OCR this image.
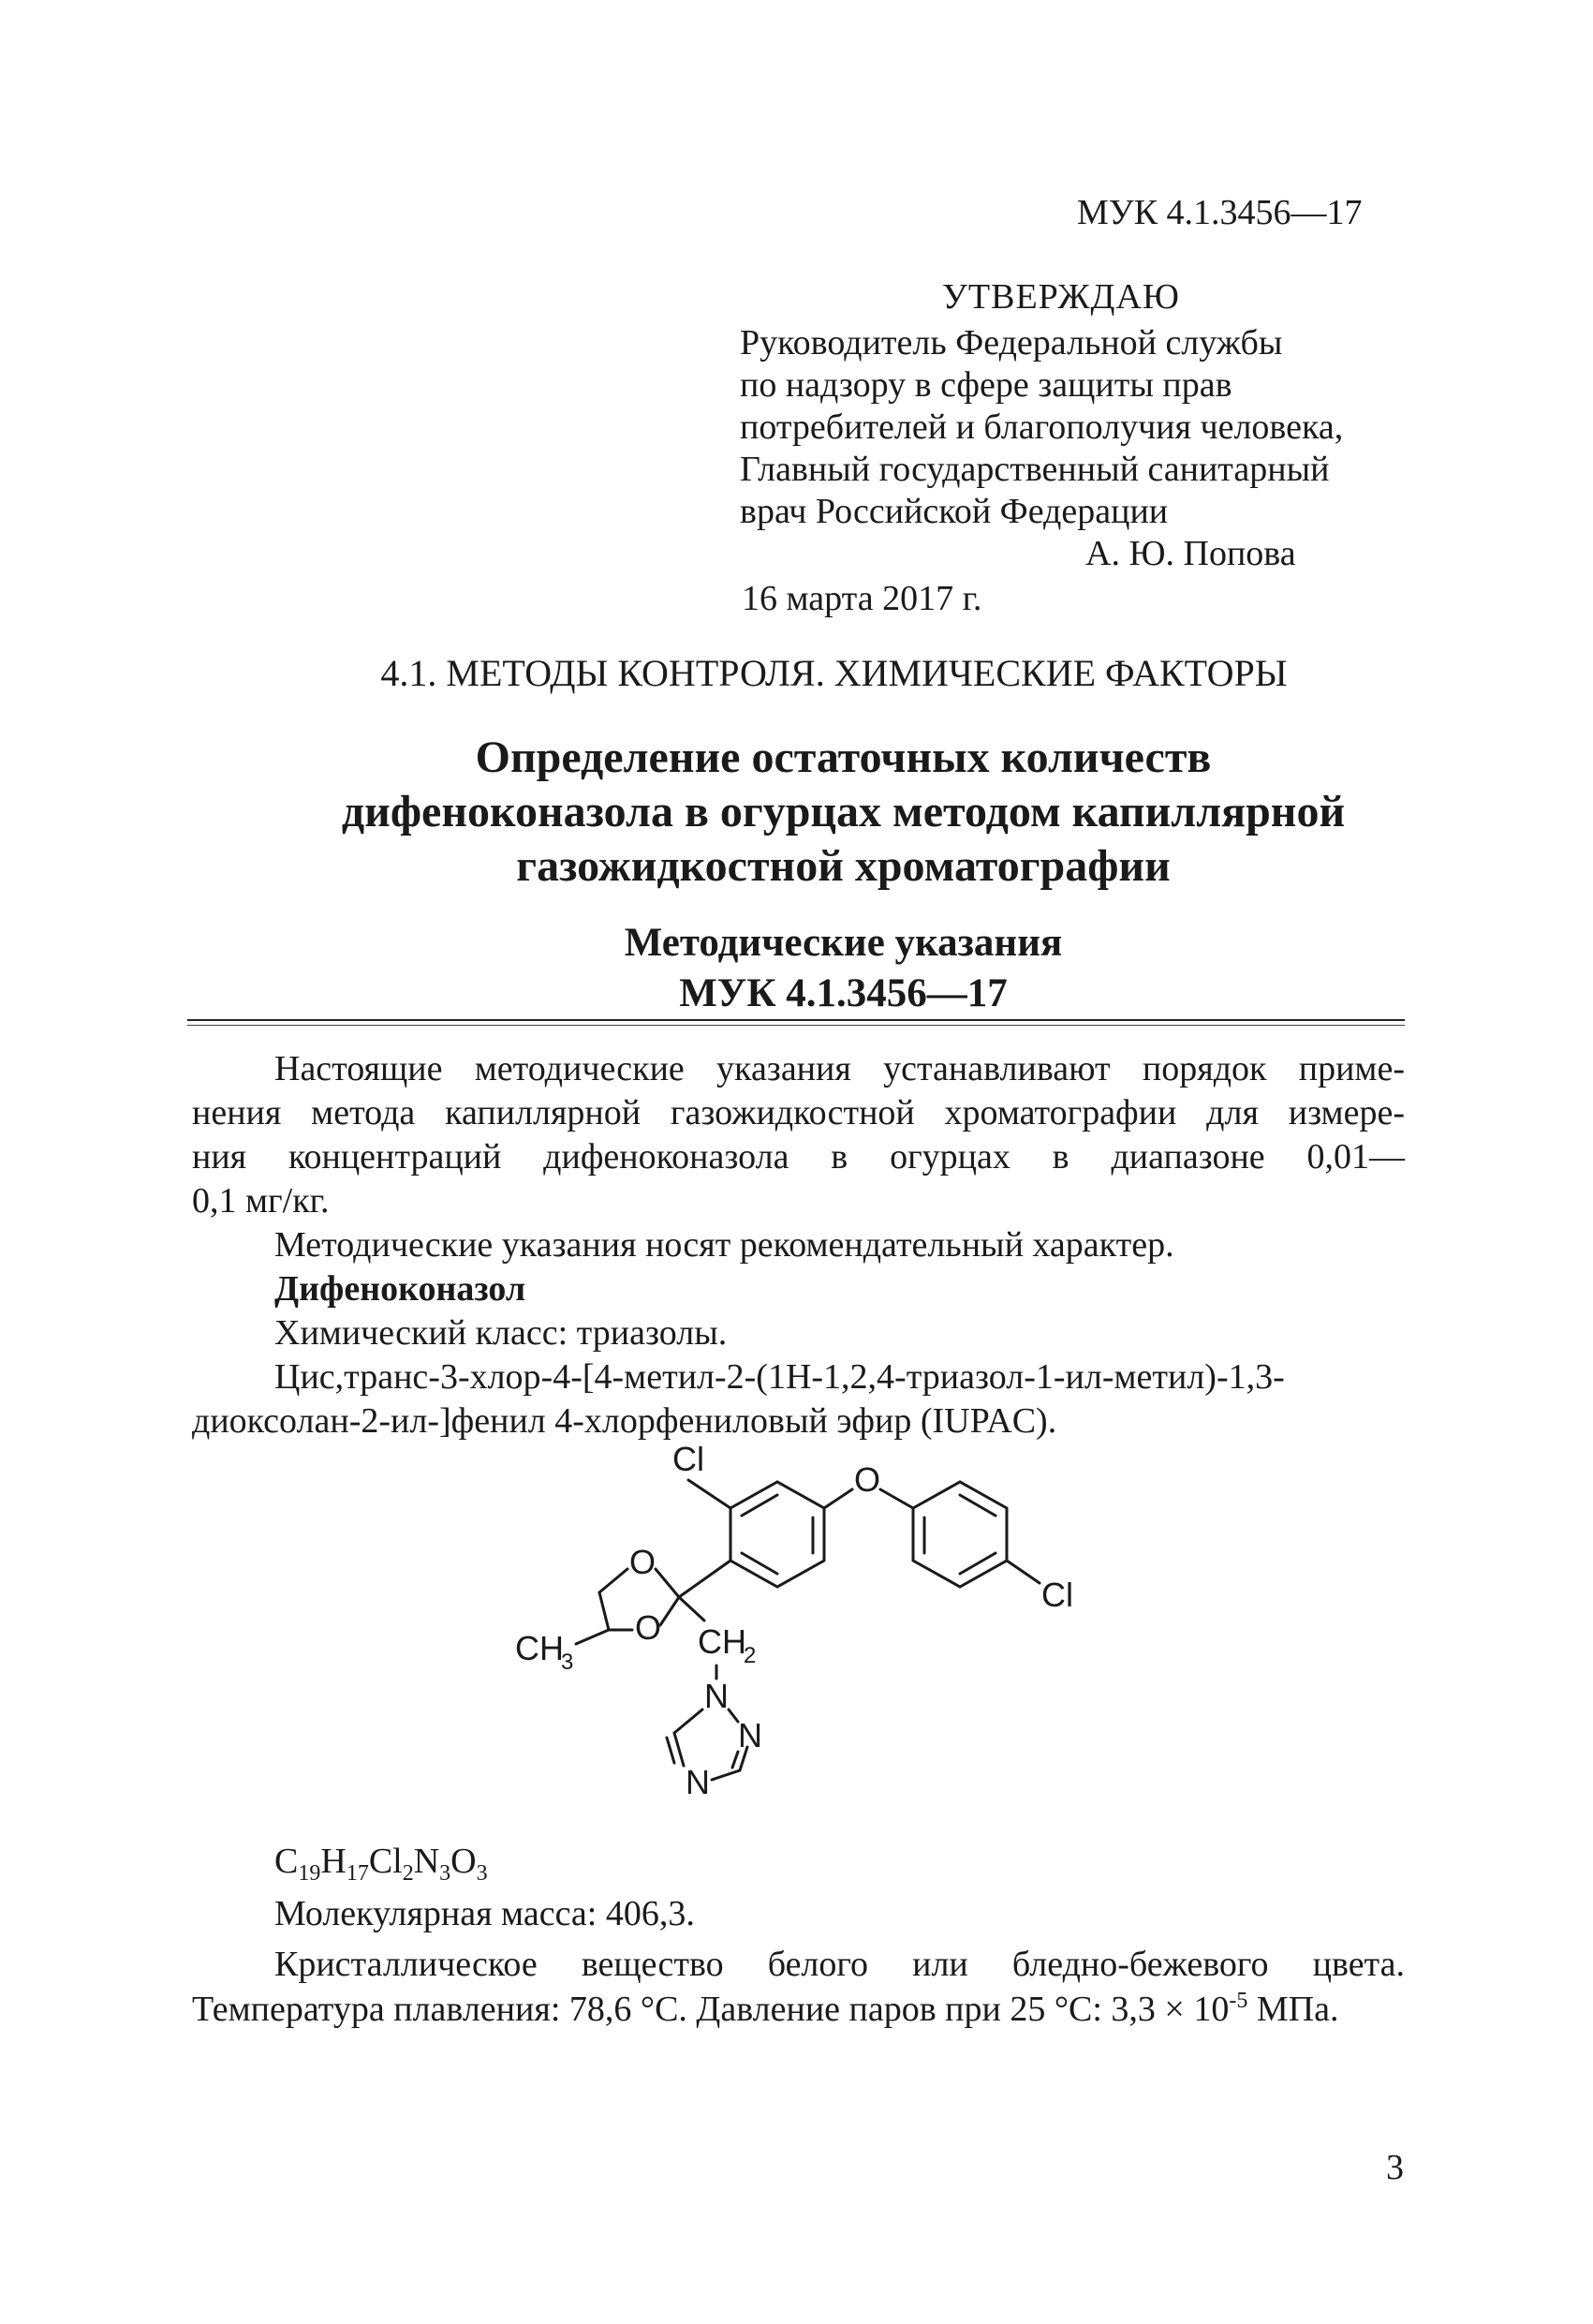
МУК 4.1.3456—17
УТВЕРЖДАЮ
Руководитель Федеральной службы
по надзору в сфере защиты прав
потребителей и благополучия человека,
Главный государственный санитарный
врач Российской Федерации
А. Ю. Попова
16 марта 2017 г.
4.1. МЕТОДЫ КОНТРОЛЯ. ХИМИЧЕСКИЕ ФАКТОРЫ
Определение остаточных количеств
дифеноконазола в огурцах методом капиллярной
газожидкостной хроматографии
Методические указания
МУК 4.1.3456—17
Настоящие методические указания устанавливают порядок приме-
нения метода капиллярной газожидкостной хроматографии для измере-
ния концентраций дифеноконазола в огурцах в диапазоне 0,01—
0,1 мг/кг.
Методические указания носят рекомендательный характер.
Дифеноконазол
Химический класс: триазолы.
Цис,транс-3-хлор-4-[4-метил-2-(1Н-1,2,4-триазол-1-ил-метил)-1,3-
диоксолан-2-ил-]фенил 4-хлорфениловый эфир (IUPAC).
Cl
O
Cl
O
O
CH
3
CH
2
N
N
N
$C_{19}H_{17}Cl_2N_3O_3$
Молекулярная масса: 406,3.
Кристаллическое вещество белого или бледно-бежевого цвета.
Температура плавления: 78,6 °С. Давление паров при 25 °С: $3,3 \times 10^{-5}$ МПа.
3
